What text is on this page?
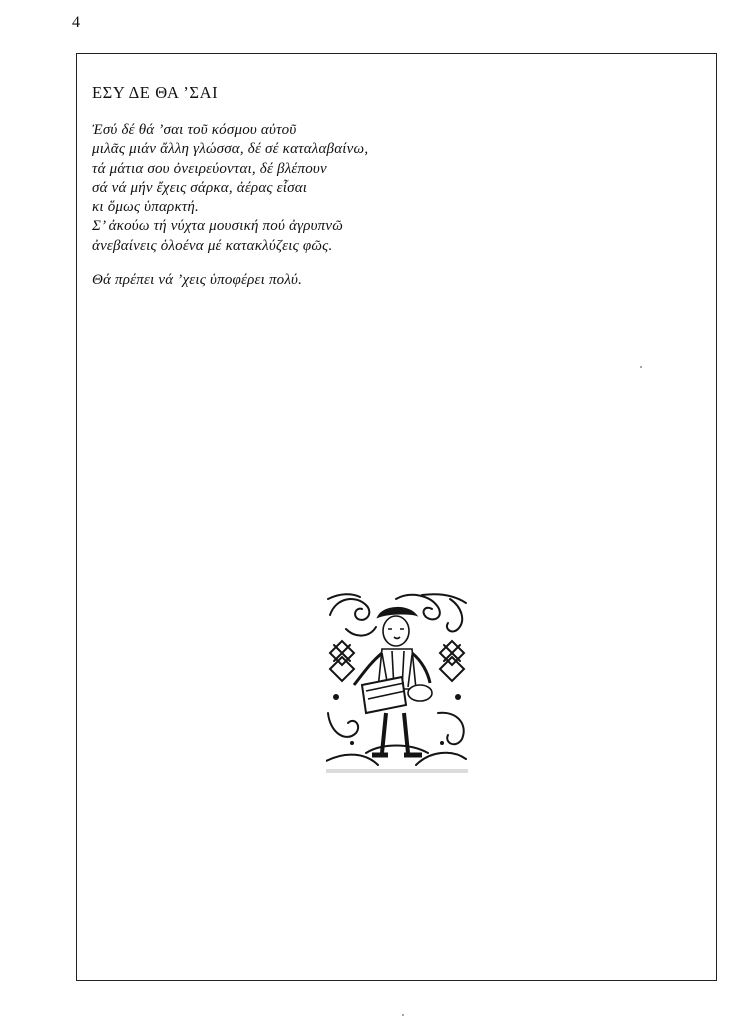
4
ΕΣΥ ΔΕ ΘΑ ’ΣΑΙ
Ἐσύ δέ θά ’σαι τοῦ κόσμου αὐτοῦ
μιλᾶς μιάν ἄλλη γλώσσα, δέ σέ καταλαβαίνω,
τά μάτια σου ὀνειρεύονται, δέ βλέπουν
σά νά μήν ἔχεις σάρκα, ἀέρας εἶσαι
κι ὅμως ὑπαρκτή.
Σ’ ἀκούω τή νύχτα μουσική πού ἀγρυπνῶ
ἀνεβαίνεις ὁλοένα μέ κατακλύζεις φῶς.
Θά πρέπει νά ’χεις ὑποφέρει πολύ.
